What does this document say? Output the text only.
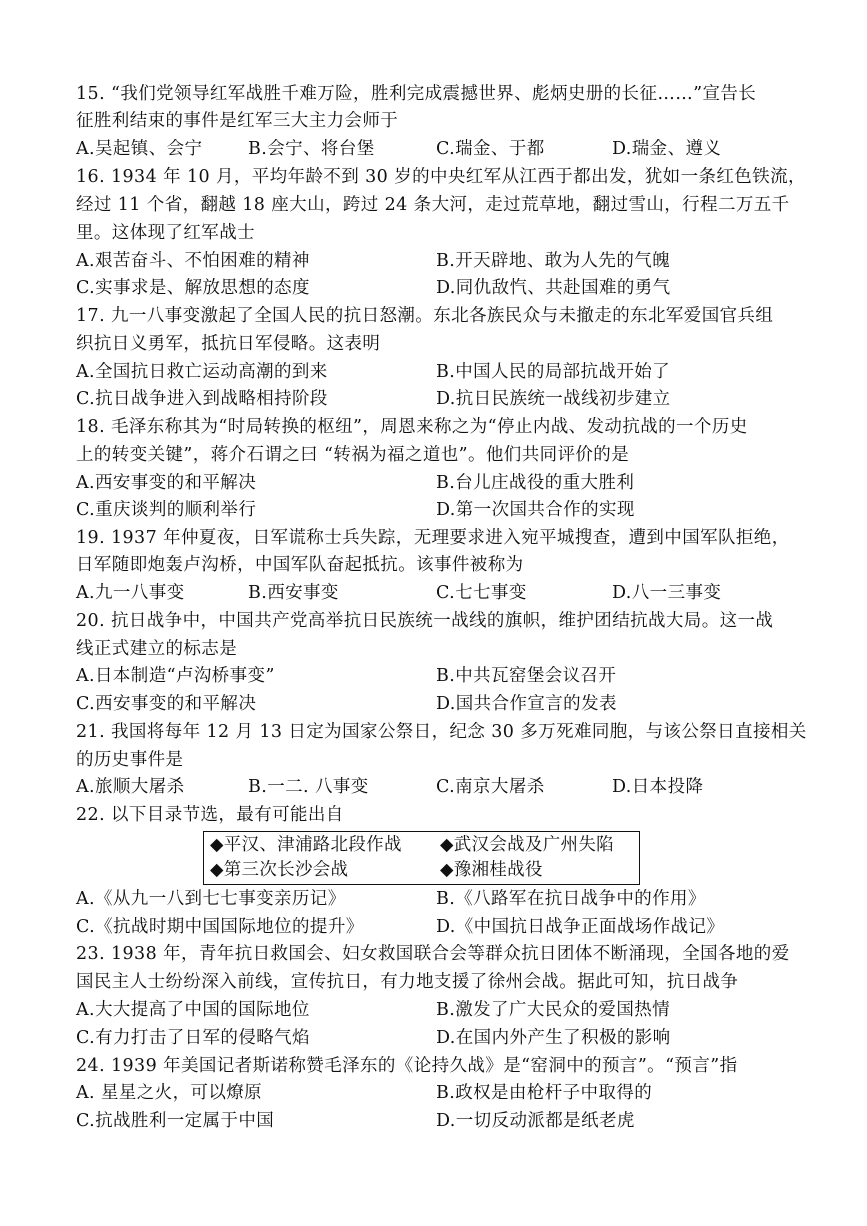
15. “我们党领导红军战胜千难万险，胜利完成震撼世界、彪炳史册的长征……”宣告长
征胜利结束的事件是红军三大主力会师于
A.吴起镇、会宁	B.会宁、将台堡	C.瑞金、于都	D.瑞金、遵义
16. 1934 年 10 月，平均年龄不到 30 岁的中央红军从江西于都出发，犹如一条红色铁流，
经过 11 个省，翻越 18 座大山，跨过 24 条大河，走过荒草地，翻过雪山，行程二万五千
里。这体现了红军战士
A.艰苦奋斗、不怕困难的精神	B.开天辟地、敢为人先的气魄
C.实事求是、解放思想的态度	D.同仇敌忾、共赴国难的勇气
17. 九一八事变激起了全国人民的抗日怒潮。东北各族民众与未撤走的东北军爱国官兵组
织抗日义勇军，抵抗日军侵略。这表明
A.全国抗日救亡运动高潮的到来	B.中国人民的局部抗战开始了
C.抗日战争进入到战略相持阶段	D.抗日民族统一战线初步建立
18. 毛泽东称其为“时局转换的枢纽”，周恩来称之为“停止内战、发动抗战的一个历史
上的转变关键”，蒋介石谓之曰 “转祸为福之道也”。他们共同评价的是
A.西安事变的和平解决	B.台儿庄战役的重大胜利
C.重庆谈判的顺利举行	D.第一次国共合作的实现
19. 1937 年仲夏夜，日军谎称士兵失踪，无理要求进入宛平城搜查，遭到中国军队拒绝，
日军随即炮轰卢沟桥，中国军队奋起抵抗。该事件被称为
A.九一八事变	B.西安事变	C.七七事变	D.八一三事变
20. 抗日战争中，中国共产党高举抗日民族统一战线的旗帜，维护团结抗战大局。这一战
线正式建立的标志是
A.日本制造“卢沟桥事变”	B.中共瓦窑堡会议召开
C.西安事变的和平解决	D.国共合作宣言的发表
21. 我国将每年 12 月 13 日定为国家公祭日，纪念 30 多万死难同胞，与该公祭日直接相关
的历史事件是
A.旅顺大屠杀	B.一二. 八事变	C.南京大屠杀	D.日本投降
22. 以下目录节选，最有可能出自
◆平汉、津浦路北段作战 ◆武汉会战及广州失陷
◆第三次长沙会战	◆豫湘桂战役
A.《从九一八到七七事变亲历记》	B.《八路军在抗日战争中的作用》
C.《抗战时期中国国际地位的提升》	D.《中国抗日战争正面战场作战记》
23. 1938 年，青年抗日救国会、妇女救国联合会等群众抗日团体不断涌现，全国各地的爱
国民主人士纷纷深入前线，宣传抗日，有力地支援了徐州会战。据此可知，抗日战争
A.大大提高了中国的国际地位	B.激发了广大民众的爱国热情
C.有力打击了日军的侵略气焰	D.在国内外产生了积极的影响
24. 1939 年美国记者斯诺称赞毛泽东的《论持久战》是“窑洞中的预言”。“预言”指
A. 星星之火，可以燎原	B.政权是由枪杆子中取得的
C.抗战胜利一定属于中国	D.一切反动派都是纸老虎
